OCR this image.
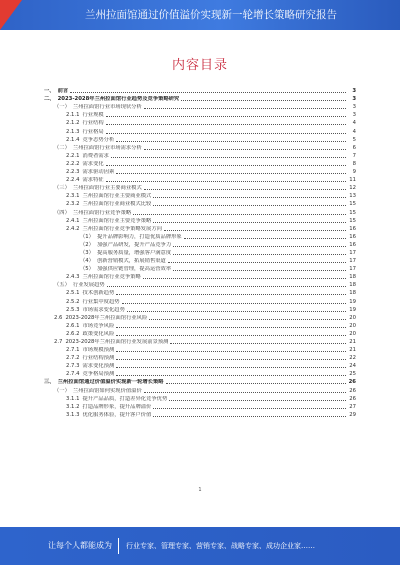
兰州拉面馆通过价值溢价实现新一轮增长策略研究报告
内容目录
一、 前言	3
二、 2023-2028年兰州拉面馆行业趋势及竞争策略研究	3
（一） 兰州拉面馆行业市场现状分析	3
2.1.1 行业规模	3
2.1.2 行业结构	4
2.1.3 行业格局	4
2.1.4 竞争态势分析	5
（二） 兰州拉面馆行业市场需求分析	6
2.2.1 消费者需求	7
2.2.2 需求变化	8
2.2.3 需求驱动因素	9
2.2.4 需求特征	11
（三） 兰州拉面馆行业主要商业模式	12
2.3.1 兰州拉面馆行业主要商业模式	13
2.3.2 兰州拉面馆行业商业模式比较	15
（四） 兰州拉面馆行业竞争策略	15
2.4.1 兰州拉面馆行业主要竞争策略	15
2.4.2 兰州拉面馆行业竞争策略发展方向	16
（1） 提升品牌影响力，打造优质品牌形象	16
（2） 加强产品研发，提升产品竞争力	16
（3） 提高服务质量，增强客户满意度	17
（4） 创新营销模式，拓展销售渠道	17
（5） 加强供应链管理，提高运营效率	17
2.4.3 兰州拉面馆行业竞争策略	18
（五） 行业发展趋势	18
2.5.1 技术创新趋势	18
2.5.2 行业集中度趋势	19
2.5.3 市场需求变化趋势	19
2.6 2023-2028年兰州拉面馆行业风险	20
2.6.1 市场竞争风险	20
2.6.2 政策变化风险	20
2.7 2023-2028年兰州拉面馆行业发展前景预测	21
2.7.1 市场规模预测	21
2.7.2 行业结构预测	22
2.7.3 需求变化预测	24
2.7.4 竞争格局预测	25
三、 兰州拉面馆通过价值溢价实现新一轮增长策略	26
（一） 兰州拉面馆如何实现价值溢价	26
3.1.1 提升产品品质，打造差异化竞争优势	26
3.1.2 打造品牌形象，提升品牌溢价	27
3.1.3 优化服务体验，提升客户价值	29
1
让每个人都能成为 行业专家、管理专家、营销专家、战略专家、成功企业家……
